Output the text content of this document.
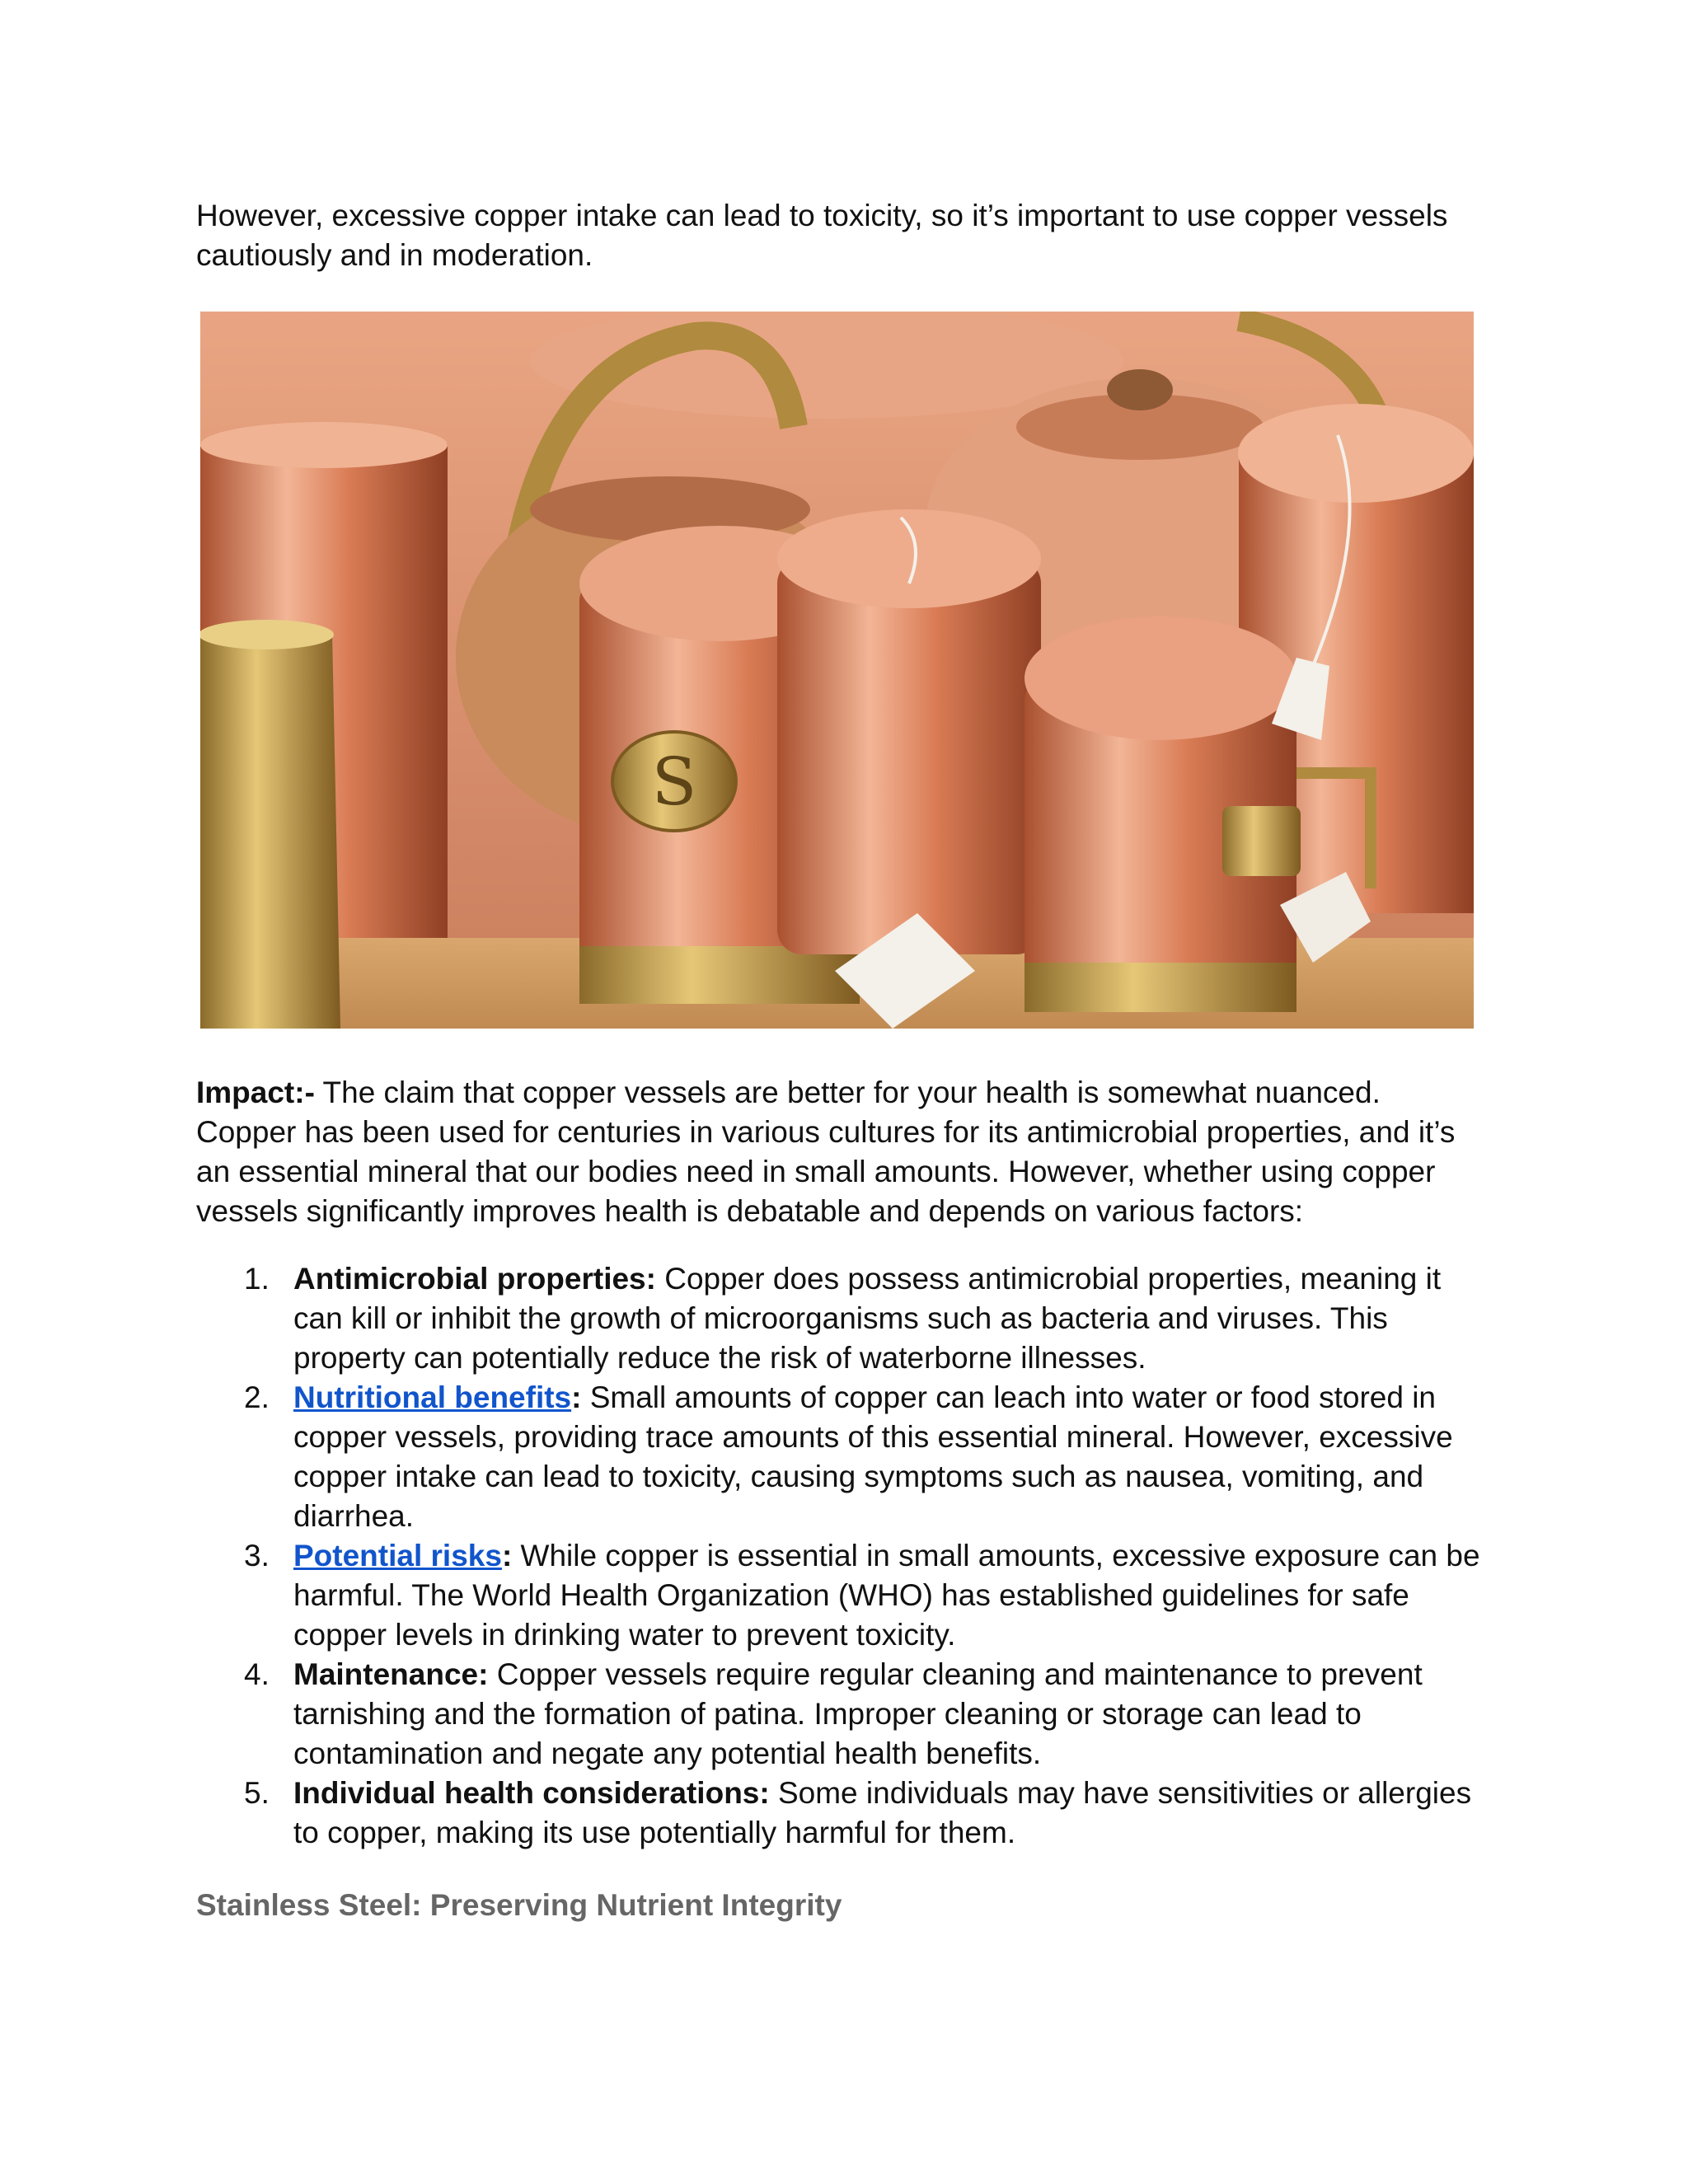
However, excessive copper intake can lead to toxicity, so it’s important to use copper vessels cautiously and in moderation.

S

Impact:- The claim that copper vessels are better for your health is somewhat nuanced. Copper has been used for centuries in various cultures for its antimicrobial properties, and it’s an essential mineral that our bodies need in small amounts. However, whether using copper vessels significantly improves health is debatable and depends on various factors:

1. Antimicrobial properties: Copper does possess antimicrobial properties, meaning it can kill or inhibit the growth of microorganisms such as bacteria and viruses. This property can potentially reduce the risk of waterborne illnesses.
2. Nutritional benefits: Small amounts of copper can leach into water or food stored in copper vessels, providing trace amounts of this essential mineral. However, excessive copper intake can lead to toxicity, causing symptoms such as nausea, vomiting, and diarrhea.
3. Potential risks: While copper is essential in small amounts, excessive exposure can be harmful. The World Health Organization (WHO) has established guidelines for safe copper levels in drinking water to prevent toxicity.
4. Maintenance: Copper vessels require regular cleaning and maintenance to prevent tarnishing and the formation of patina. Improper cleaning or storage can lead to contamination and negate any potential health benefits.
5. Individual health considerations: Some individuals may have sensitivities or allergies to copper, making its use potentially harmful for them.

Stainless Steel: Preserving Nutrient Integrity
